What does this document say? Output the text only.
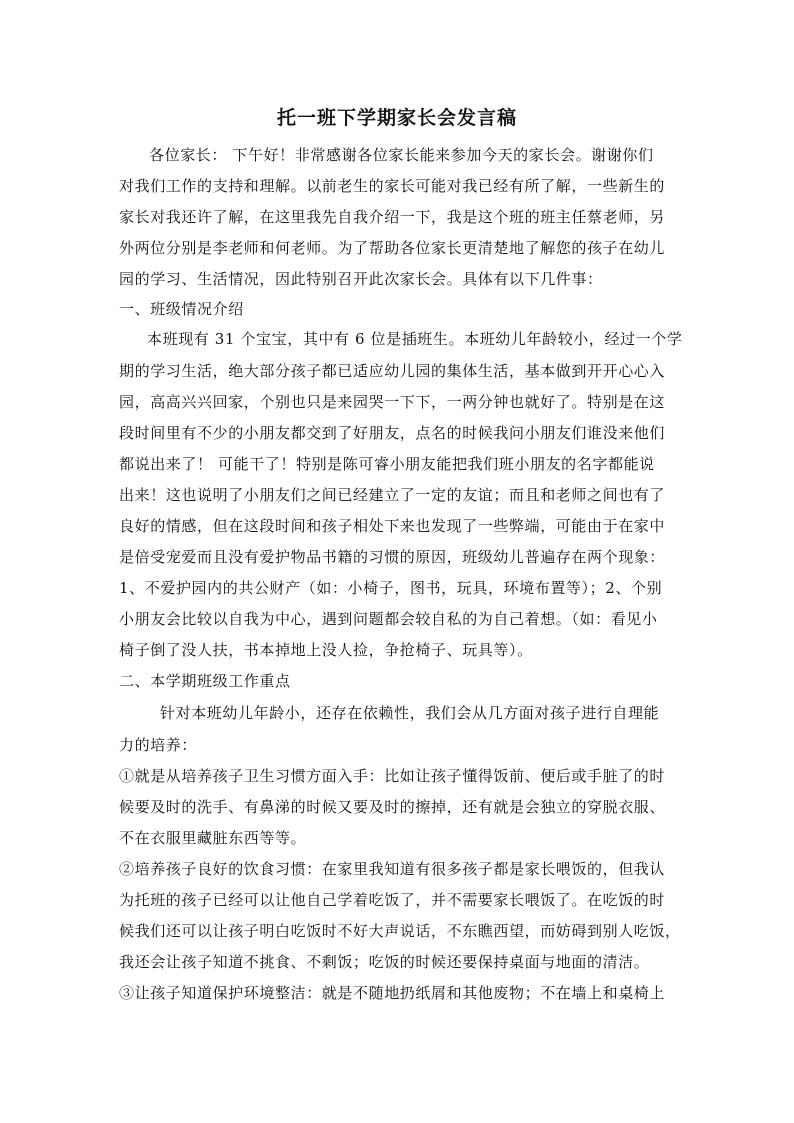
托一班下学期家长会发言稿
各位家长： 下午好！非常感谢各位家长能来参加今天的家长会。谢谢你们
对我们工作的支持和理解。以前老生的家长可能对我已经有所了解，一些新生的
家长对我还许了解，在这里我先自我介绍一下，我是这个班的班主任蔡老师，另
外两位分别是李老师和何老师。为了帮助各位家长更清楚地了解您的孩子在幼儿
园的学习、生活情况，因此特别召开此次家长会。具体有以下几件事：
一、班级情况介绍
本班现有 31 个宝宝，其中有 6 位是插班生。本班幼儿年龄较小，经过一个学
期的学习生活，绝大部分孩子都已适应幼儿园的集体生活，基本做到开开心心入
园，高高兴兴回家，个别也只是来园哭一下下，一两分钟也就好了。特别是在这
段时间里有不少的小朋友都交到了好朋友，点名的时候我问小朋友们谁没来他们
都说出来了！ 可能干了！特别是陈可睿小朋友能把我们班小朋友的名字都能说
出来！这也说明了小朋友们之间已经建立了一定的友谊；而且和老师之间也有了
良好的情感，但在这段时间和孩子相处下来也发现了一些弊端，可能由于在家中
是倍受宠爱而且没有爱护物品书籍的习惯的原因，班级幼儿普遍存在两个现象：
1、不爱护园内的共公财产（如：小椅子，图书，玩具，环境布置等）；2、个别
小朋友会比较以自我为中心，遇到问题都会较自私的为自己着想。（如：看见小
椅子倒了没人扶，书本掉地上没人捡，争抢椅子、玩具等）。
二、本学期班级工作重点
针对本班幼儿年龄小，还存在依赖性，我们会从几方面对孩子进行自理能
力的培养：
①就是从培养孩子卫生习惯方面入手：比如让孩子懂得饭前、便后或手脏了的时
候要及时的洗手、有鼻涕的时候又要及时的擦掉，还有就是会独立的穿脱衣服、
不在衣服里藏脏东西等等。
②培养孩子良好的饮食习惯：在家里我知道有很多孩子都是家长喂饭的，但我认
为托班的孩子已经可以让他自己学着吃饭了，并不需要家长喂饭了。在吃饭的时
候我们还可以让孩子明白吃饭时不好大声说话，不东瞧西望，而妨碍到别人吃饭，
我还会让孩子知道不挑食、不剩饭；吃饭的时候还要保持桌面与地面的清洁。
③让孩子知道保护环境整洁：就是不随地扔纸屑和其他废物；不在墙上和桌椅上
